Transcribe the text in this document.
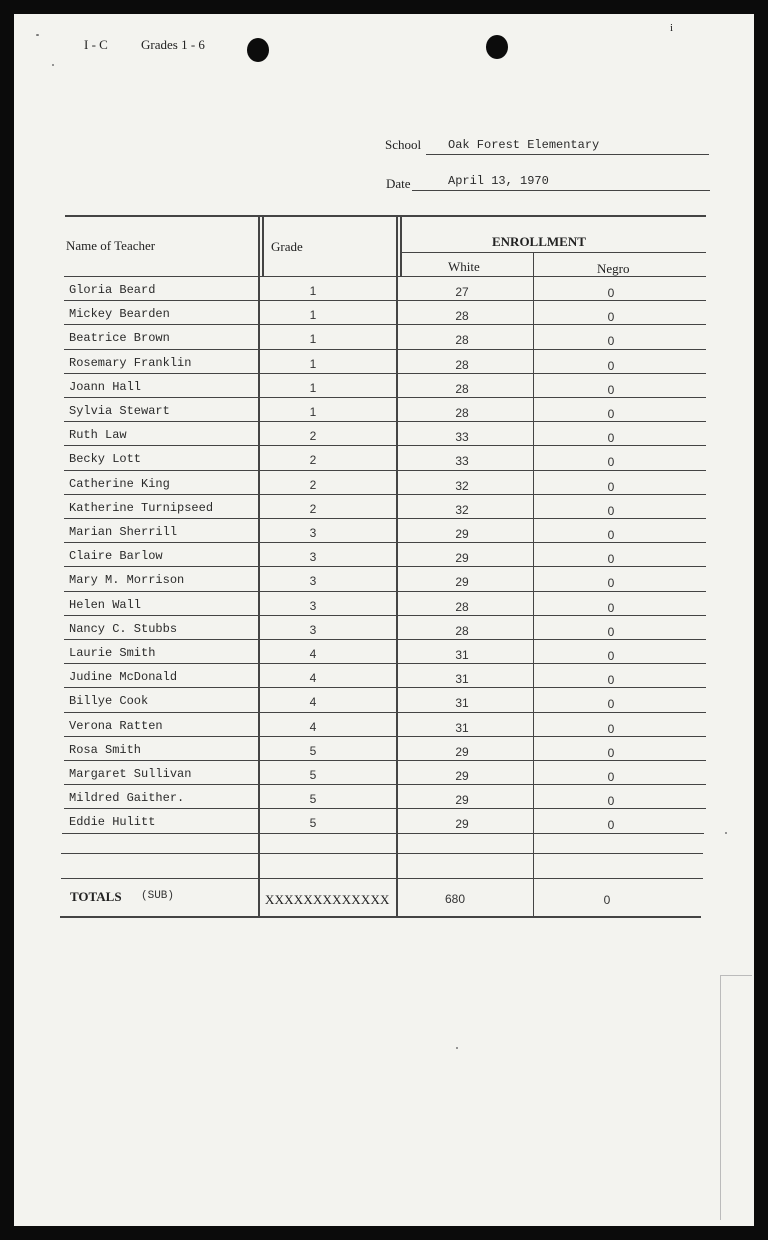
I - C	Grades 1 - 6
i
School Oak Forest Elementary
Date	April 13, 1970
Name of Teacher	Grade	ENROLLMENT
White	Negro
Gloria Beard	1	27	0
Mickey Bearden	1	28	0
Beatrice Brown	1	28	0
Rosemary Franklin	1	28	0
Joann Hall	1	28	0
Sylvia Stewart	1	28	0
Ruth Law	2	33	0
Becky Lott	2	33	0
Catherine King	2	32	0
Katherine Turnipseed	2	32	0
Marian Sherrill	3	29	0
Claire Barlow	3	29	0
Mary M. Morrison	3	29	0
Helen Wall	3	28	0
Nancy C. Stubbs	3	28	0
Laurie Smith	4	31	0
Judine McDonald	4	31	0
Billye Cook	4	31	0
Verona Ratten	4	31	0
Rosa Smith	5	29	0
Margaret Sullivan	5	29	0
Mildred Gaither.	5	29	0
Eddie Hulitt	5	29	0
TOTALS (SUB)	XXXXXXXXXXXXX	680	0
